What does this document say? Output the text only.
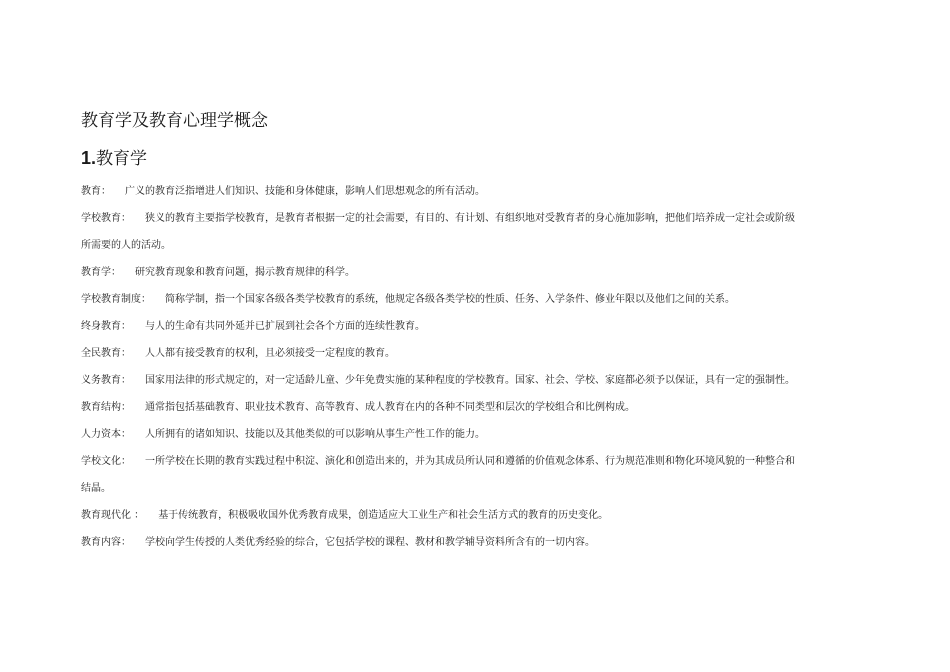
教育学及教育心理学概念
1.教育学

教育： 广义的教育泛指增进人们知识、技能和身体健康，影响人们思想观念的所有活动。

学校教育： 狭义的教育主要指学校教育，是教育者根据一定的社会需要，有目的、有计划、有组织地对受教育者的身心施加影响，把他们培养成一定社会或阶级所需要的人的活动。

教育学： 研究教育现象和教育问题，揭示教育规律的科学。

学校教育制度： 简称学制，指一个国家各级各类学校教育的系统，他规定各级各类学校的性质、任务、入学条件、修业年限以及他们之间的关系。

终身教育： 与人的生命有共同外延并已扩展到社会各个方面的连续性教育。

全民教育： 人人都有接受教育的权利，且必须接受一定程度的教育。

义务教育： 国家用法律的形式规定的，对一定适龄儿童、少年免费实施的某种程度的学校教育。国家、社会、学校、家庭都必须予以保证，具有一定的强制性。

教育结构： 通常指包括基础教育、职业技术教育、高等教育、成人教育在内的各种不同类型和层次的学校组合和比例构成。

人力资本： 人所拥有的诸如知识、技能以及其他类似的可以影响从事生产性工作的能力。

学校文化： 一所学校在长期的教育实践过程中积淀、演化和创造出来的，并为其成员所认同和遵循的价值观念体系、行为规范准则和物化环境风貌的一种整合和结晶。

教育现代化 ： 基于传统教育，积极吸收国外优秀教育成果，创造适应大工业生产和社会生活方式的教育的历史变化。

教育内容： 学校向学生传授的人类优秀经验的综合，它包括学校的课程、教材和教学辅导资料所含有的一切内容。
